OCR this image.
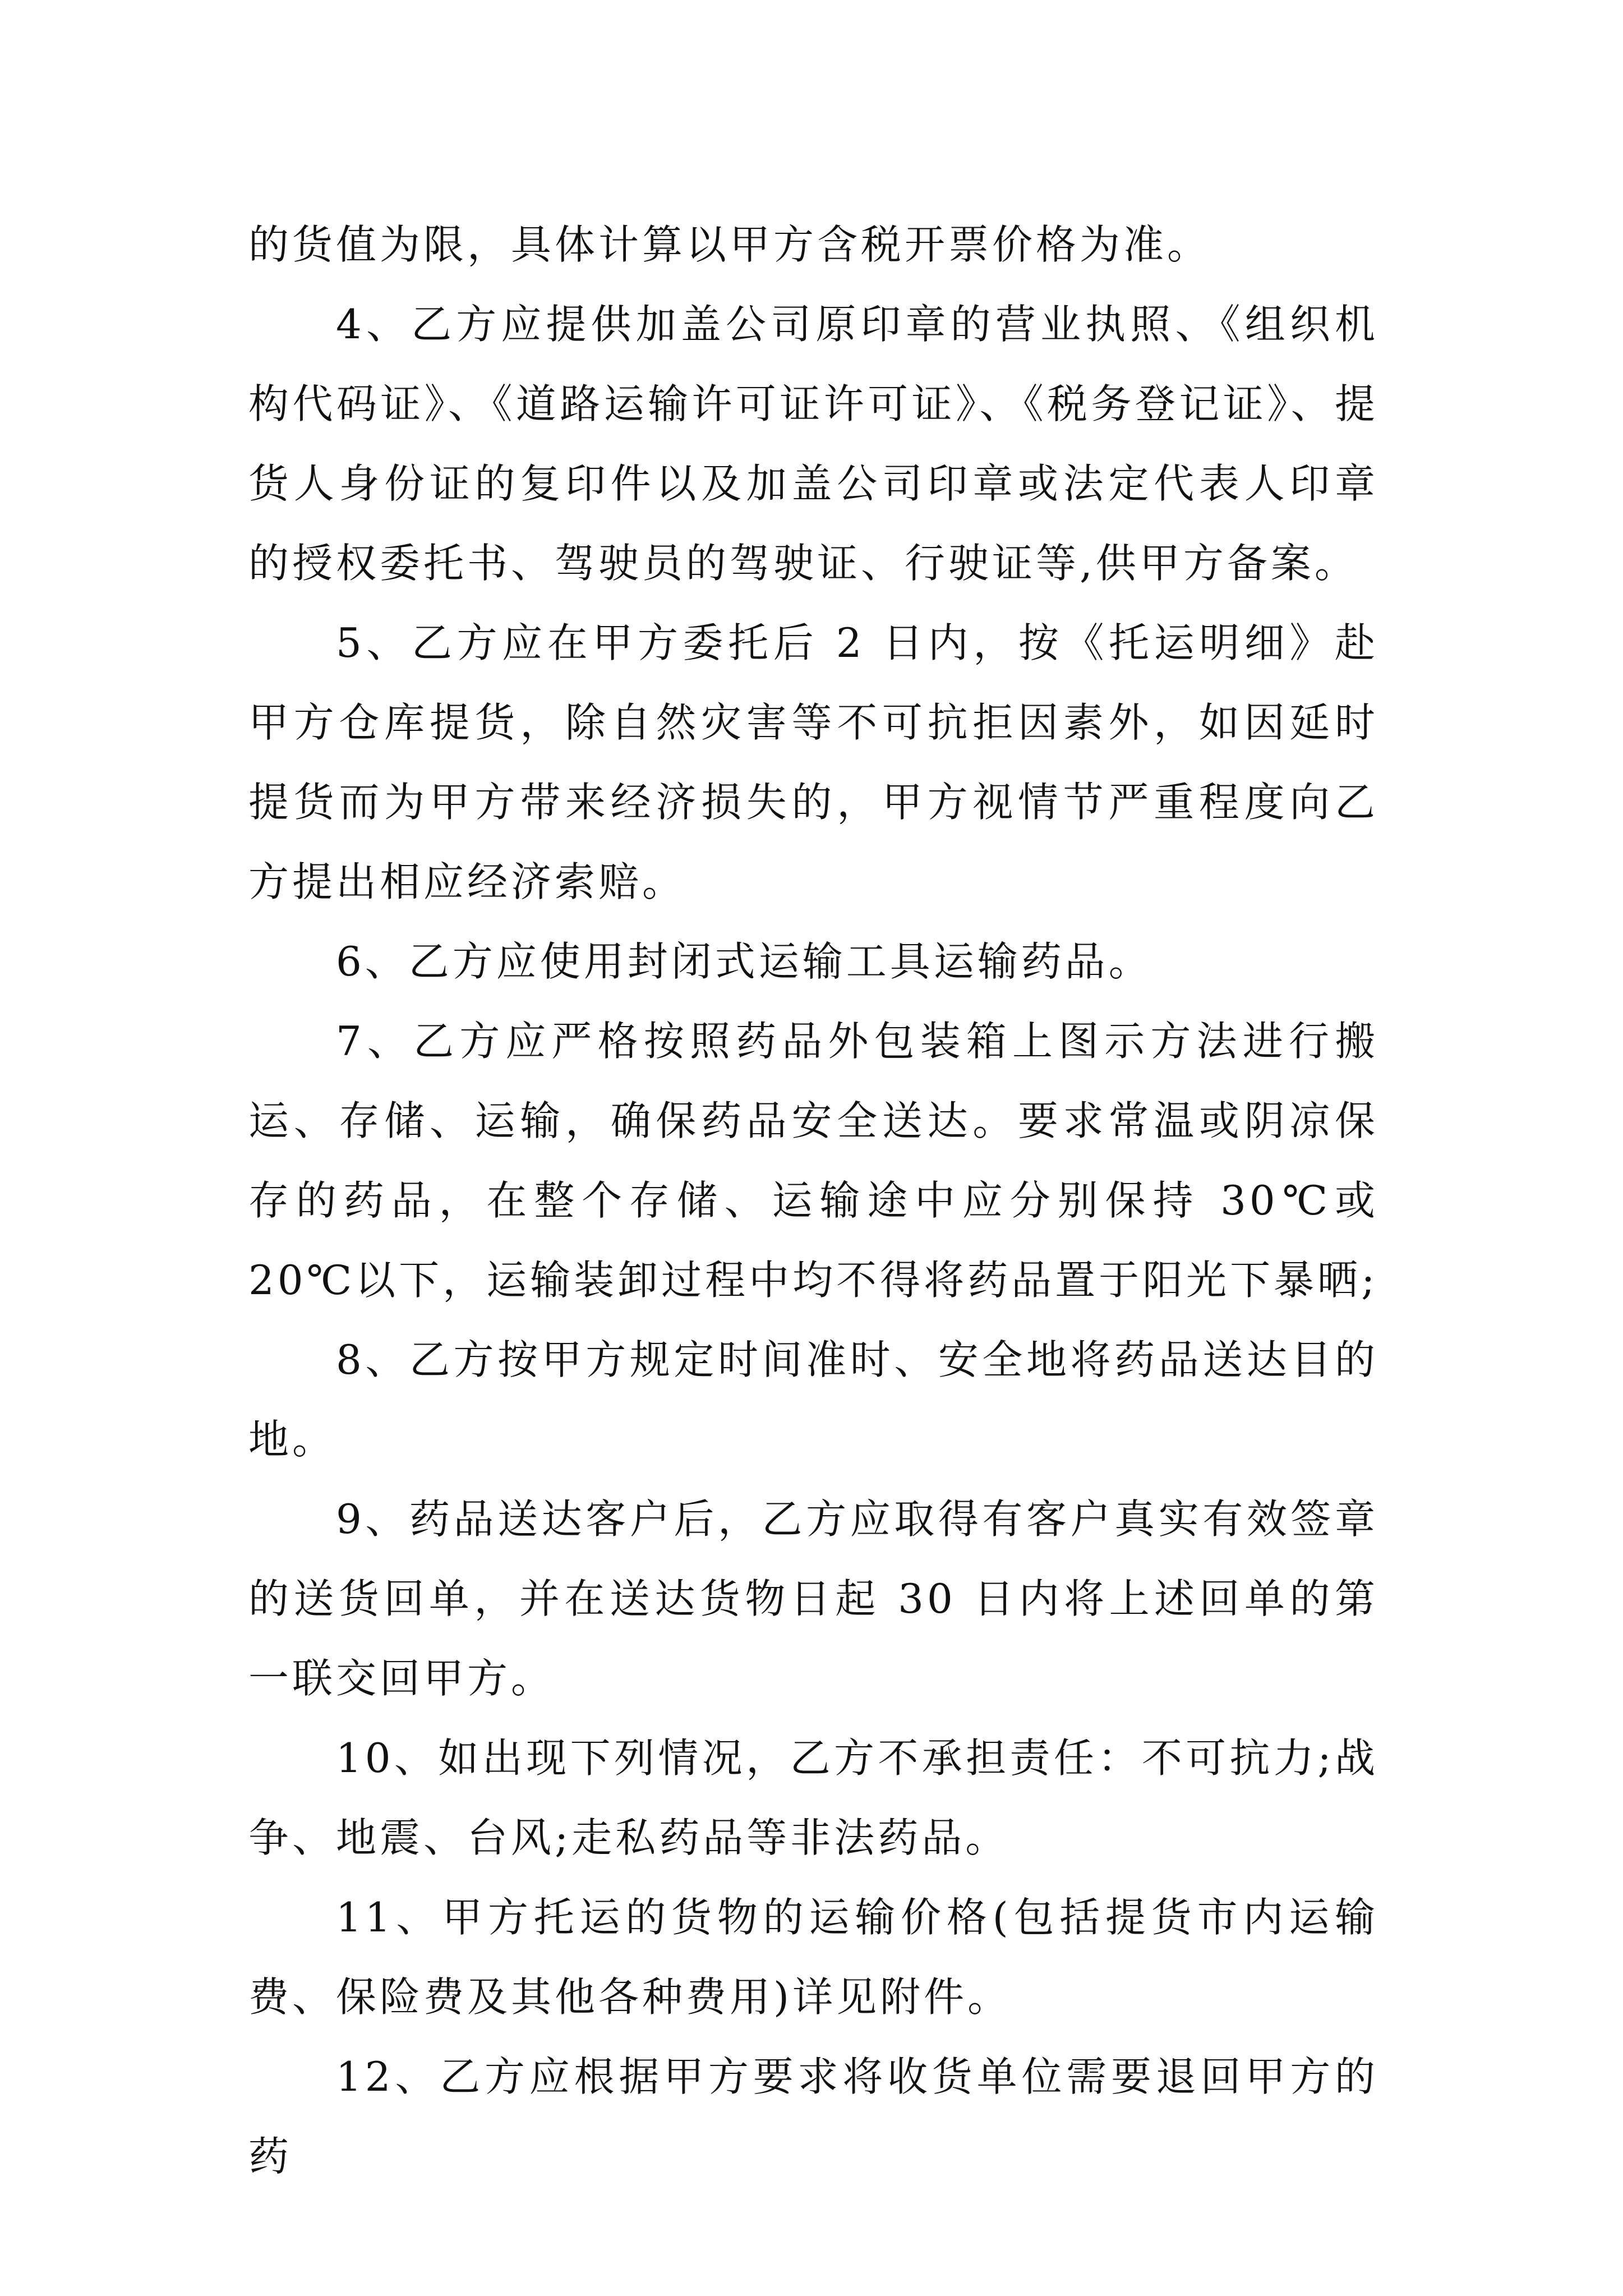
的货值为限，具体计算以甲方含税开票价格为准。

4、乙方应提供加盖公司原印章的营业执照、《组织机构代码证》、《道路运输许可证许可证》、《税务登记证》、提货人身份证的复印件以及加盖公司印章或法定代表人印章的授权委托书、驾驶员的驾驶证、行驶证等,供甲方备案。

5、乙方应在甲方委托后 2 日内，按《托运明细》赴甲方仓库提货，除自然灾害等不可抗拒因素外，如因延时提货而为甲方带来经济损失的，甲方视情节严重程度向乙方提出相应经济索赔。

6、乙方应使用封闭式运输工具运输药品。

7、乙方应严格按照药品外包装箱上图示方法进行搬运、存储、运输，确保药品安全送达。要求常温或阴凉保存的药品，在整个存储、运输途中应分别保持 30℃或 20℃以下，运输装卸过程中均不得将药品置于阳光下暴晒;

8、乙方按甲方规定时间准时、安全地将药品送达目的地。

9、药品送达客户后，乙方应取得有客户真实有效签章的送货回单，并在送达货物日起 30 日内将上述回单的第一联交回甲方。

10、如出现下列情况，乙方不承担责任：不可抗力;战争、地震、台风;走私药品等非法药品。

11、甲方托运的货物的运输价格(包括提货市内运输费、保险费及其他各种费用)详见附件。

12、乙方应根据甲方要求将收货单位需要退回甲方的药
